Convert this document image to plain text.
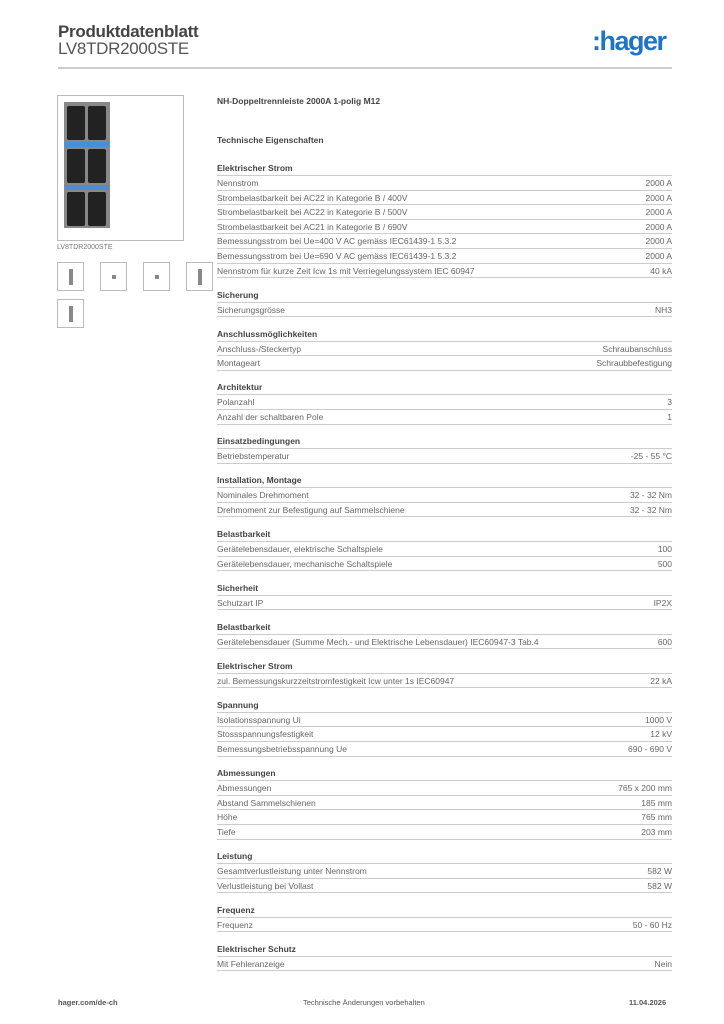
Produktdatenblatt
LV8TDR2000STE	:hager
LV8TDR2000STE
NH-Doppeltrennleiste 2000A 1-polig M12
Technische Eigenschaften
Elektrischer Strom
Nennstrom	2000 A
Strombelastbarkeit bei AC22 in Kategorie B / 400V	2000 A
Strombelastbarkeit bei AC22 in Kategorie B / 500V	2000 A
Strombelastbarkeit bei AC21 in Kategorie B / 690V	2000 A
Bemessungsstrom bei Ue=400 V AC gemäss IEC61439-1 5.3.2	2000 A
Bemessungsstrom bei Ue=690 V AC gemäss IEC61439-1 5.3.2	2000 A
Nennstrom für kurze Zeit Icw 1s mit Verriegelungssystem IEC 60947	40 kA
Sicherung
Sicherungsgrösse	NH3
Anschlussmöglichkeiten
Anschluss-/Steckertyp	Schraubanschluss
Montageart	Schraubbefestigung
Architektur
Polanzahl	3
Anzahl der schaltbaren Pole	1
Einsatzbedingungen
Betriebstemperatur	-25 - 55 °C
Installation, Montage
Nominales Drehmoment	32 - 32 Nm
Drehmoment zur Befestigung auf Sammelschiene	32 - 32 Nm
Belastbarkeit
Gerätelebensdauer, elektrische Schaltspiele	100
Gerätelebensdauer, mechanische Schaltspiele	500
Sicherheit
Schutzart IP	IP2X
Belastbarkeit
Gerätelebensdauer (Summe Mech.- und Elektrische Lebensdauer) IEC60947-3 Tab.4	600
Elektrischer Strom
zul. Bemessungskurzzeitstromfestigkeit Icw unter 1s IEC60947	22 kA
Spannung
Isolationsspannung Ui	1000 V
Stossspannungsfestigkeit	12 kV
Bemessungsbetriebsspannung Ue	690 - 690 V
Abmessungen
Abmessungen	765 x 200 mm
Abstand Sammelschienen	185 mm
Höhe	765 mm
Tiefe	203 mm
Leistung
Gesamtverlustleistung unter Nennstrom	582 W
Verlustleistung bei Vollast	582 W
Frequenz
Frequenz	50 - 60 Hz
Elektrischer Schutz
Mit Fehleranzeige	Nein
hager.com/de-ch	Technische Änderungen vorbehalten	11.04.2026
